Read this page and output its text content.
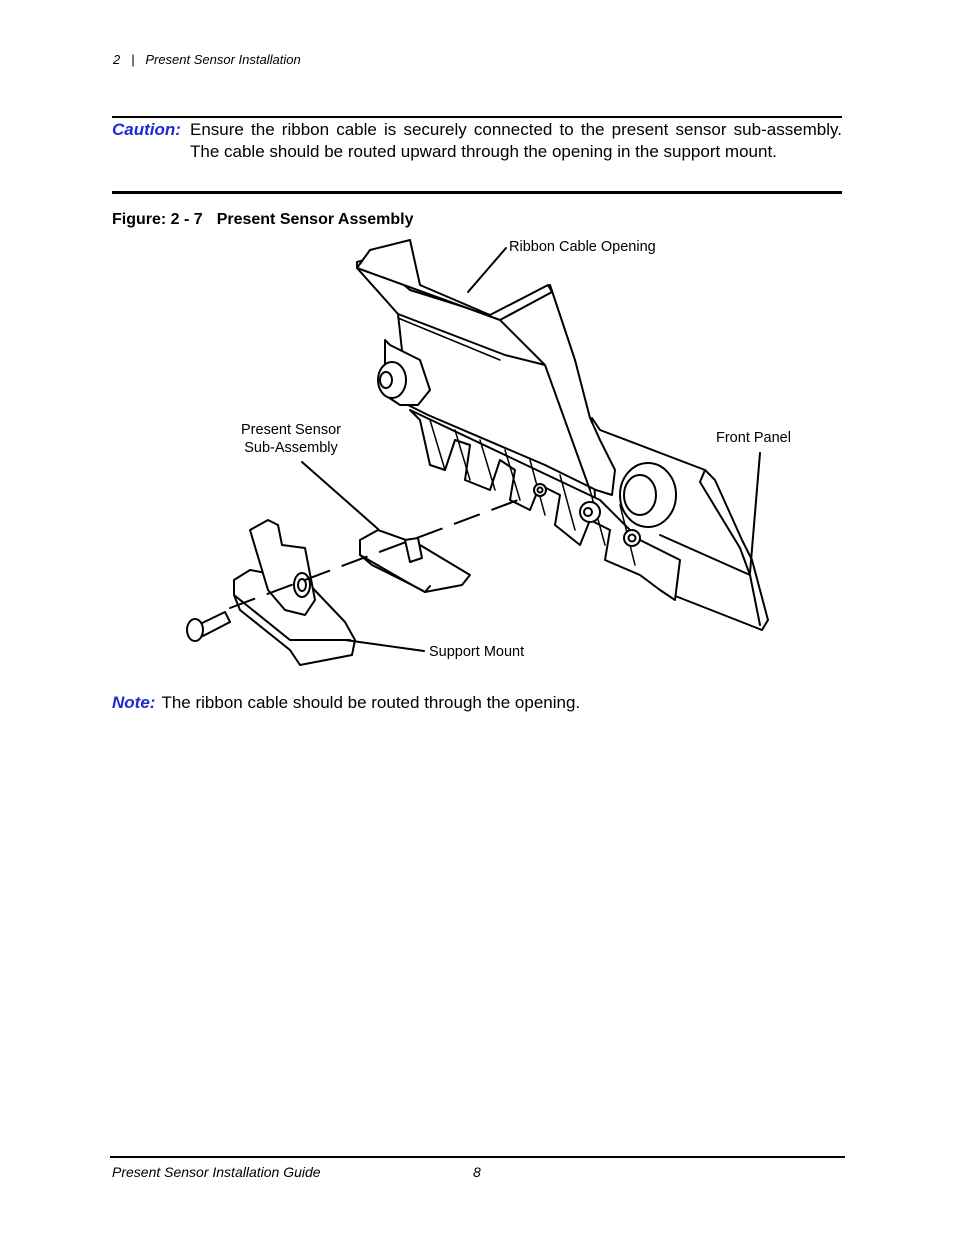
2 | Present Sensor Installation
Caution: Ensure the ribbon cable is securely connected to the present sensor sub-assembly. The cable should be routed upward through the opening in the support mount.
Figure: 2 - 7 Present Sensor Assembly
Ribbon Cable Opening
Present Sensor
Sub-Assembly
Front Panel
Support Mount
Note: The ribbon cable should be routed through the opening.
Present Sensor Installation Guide	8
